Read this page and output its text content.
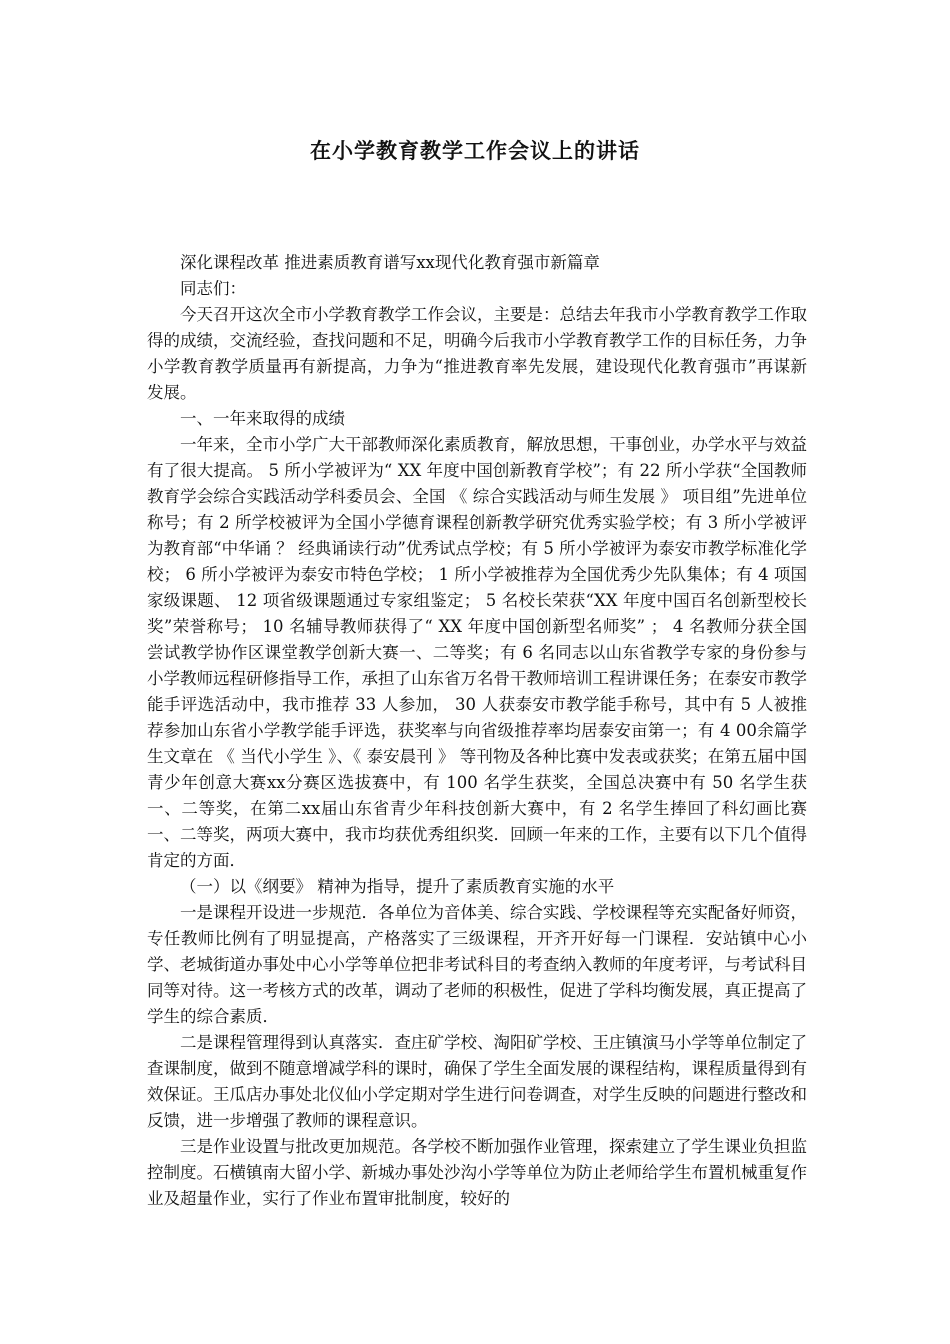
在小学教育教学工作会议上的讲话

深化课程改革 推进素质教育谱写xx现代化教育强市新篇章

同志们：

今天召开这次全市小学教育教学工作会议，主要是：总结去年我市小学教育教学工作取得的成绩，交流经验，查找问题和不足，明确今后我市小学教育教学工作的目标任务，力争小学教育教学质量再有新提高，力争为“推进教育率先发展，建设现代化教育强市”再谋新发展。

一、一年来取得的成绩

一年来，全市小学广大干部教师深化素质教育，解放思想，干事创业，办学水平与效益有了很大提高。 5 所小学被评为“ XX 年度中国创新教育学校”；有 22 所小学获“全国教师教育学会综合实践活动学科委员会、全国 《 综合实践活动与师生发展 》 项目组”先进单位称号；有 2 所学校被评为全国小学德育课程创新教学研究优秀实验学校；有 3 所小学被评为教育部“中华诵 ？ 经典诵读行动”优秀试点学校；有 5 所小学被评为泰安市教学标准化学校； 6 所小学被评为泰安市特色学校； 1 所小学被推荐为全国优秀少先队集体；有 4 项国家级课题、 12 项省级课题通过专家组鉴定； 5 名校长荣获“XX 年度中国百名创新型校长奖”荣誉称号； 10 名辅导教师获得了“ XX 年度中国创新型名师奖” ； 4 名教师分获全国尝试教学协作区课堂教学创新大赛一、二等奖；有 6 名同志以山东省教学专家的身份参与小学教师远程研修指导工作，承担了山东省万名骨干教师培训工程讲课任务；在泰安市教学能手评选活动中，我市推荐 33 人参加， 30 人获泰安市教学能手称号，其中有 5 人被推荐参加山东省小学教学能手评选，获奖率与向省级推荐率均居泰安亩第一；有 4 00余篇学生文章在 《 当代小学生 》、《 泰安晨刊 》 等刊物及各种比赛中发表或获奖；在第五届中国青少年创意大赛xx分赛区选拔赛中，有 100 名学生获奖，全国总决赛中有 50 名学生获一、二等奖，在第二xx届山东省青少年科技创新大赛中，有 2 名学生捧回了科幻画比赛一、二等奖，两项大赛中，我市均获优秀组织奖．回顾一年来的工作，主要有以下几个值得肯定的方面．

（一）以《纲要》 精神为指导，提升了素质教育实施的水平

一是课程开设进一步规范．各单位为音体美、综合实践、学校课程等充实配备好师资，专任教师比例有了明显提高，产格落实了三级课程，开齐开好每一门课程．安站镇中心小学、老城街道办事处中心小学等单位把非考试科目的考查纳入教师的年度考评，与考试科目同等对待。这一考核方式的改革，调动了老师的积极性，促进了学科均衡发展，真正提高了学生的综合素质．

二是课程管理得到认真落实．查庄矿学校、淘阳矿学校、王庄镇演马小学等单位制定了查课制度，做到不随意增减学科的课时，确保了学生全面发展的课程结构，课程质量得到有效保证。王瓜店办事处北仪仙小学定期对学生进行问卷调查，对学生反映的问题进行整改和反馈，进一步增强了教师的课程意识。

三是作业设置与批改更加规范。各学校不断加强作业管理，探索建立了学生课业负担监控制度。石横镇南大留小学、新城办事处沙沟小学等单位为防止老师给学生布置机械重复作业及超量作业，实行了作业布置审批制度，较好的
